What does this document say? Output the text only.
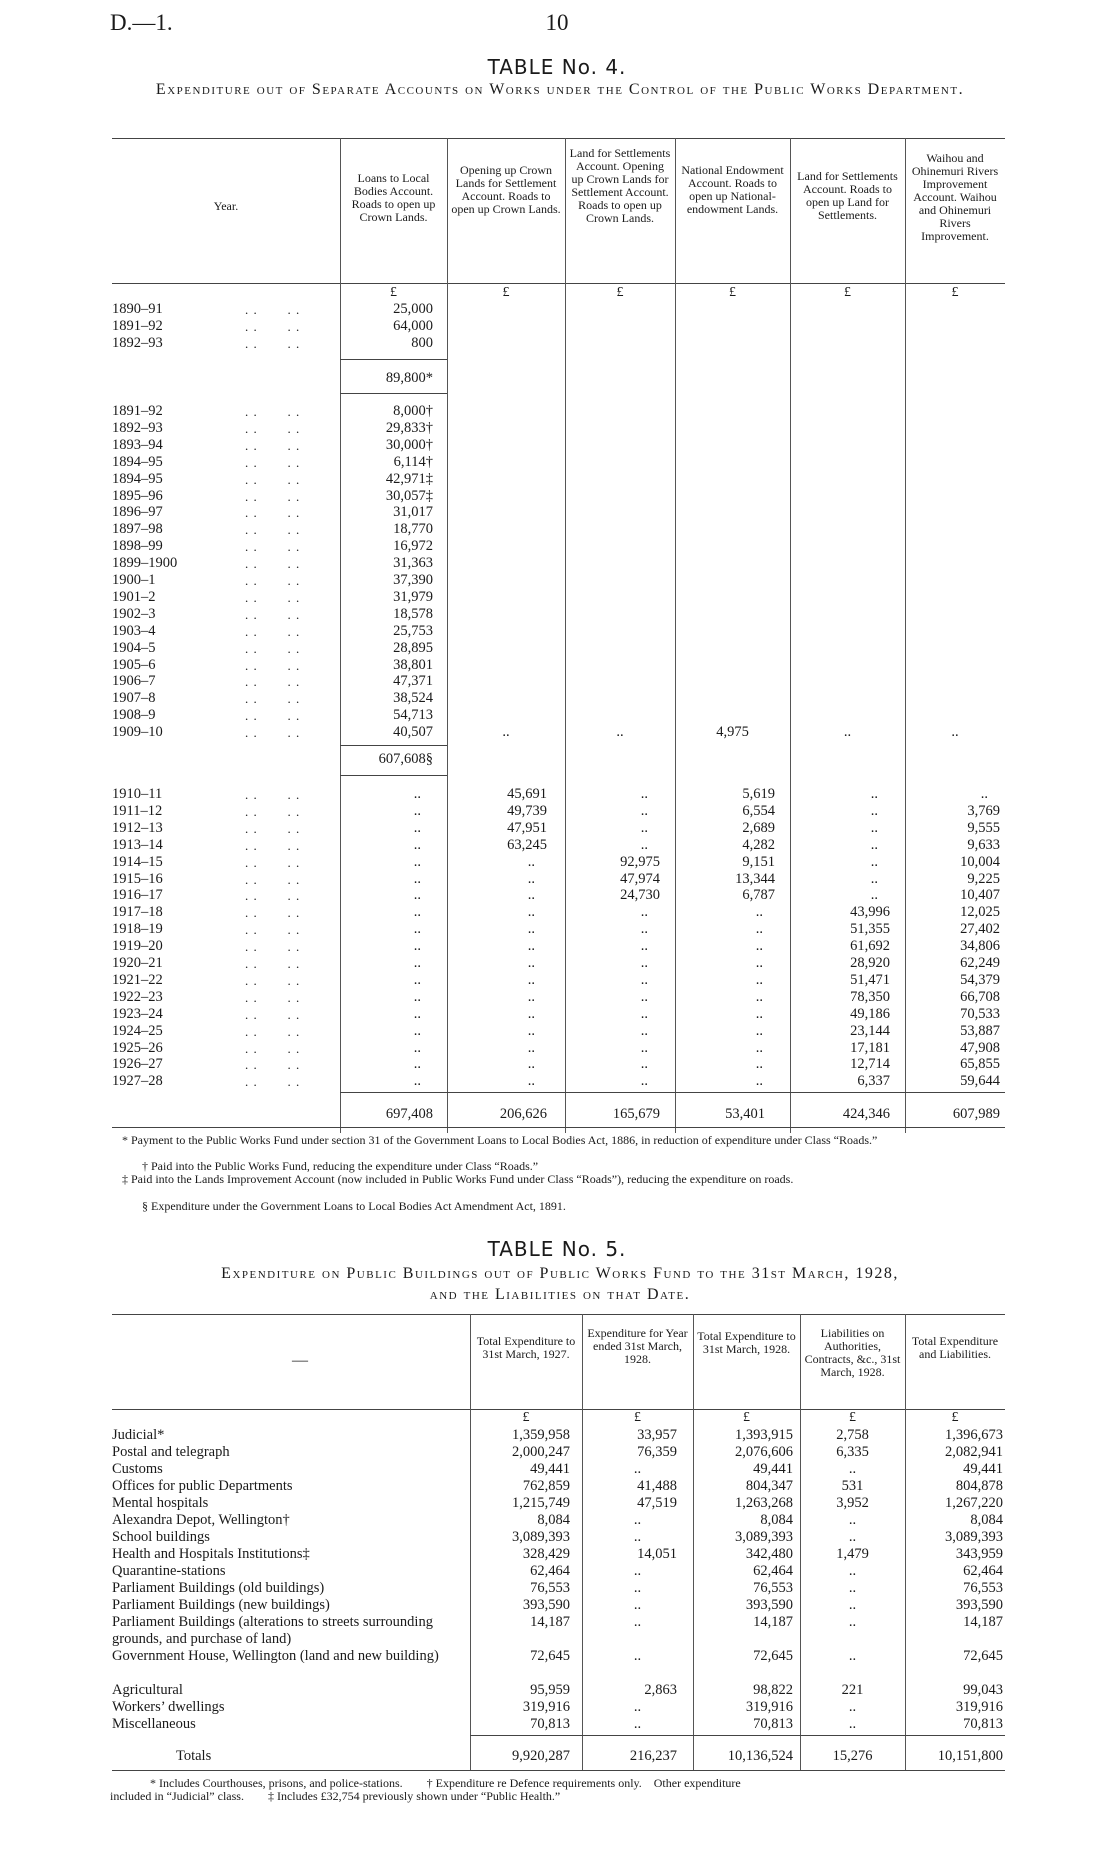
D.—1.	10
TABLE No. 4.
Expenditure out of Separate Accounts on Works under the Control of the Public Works Department.
Year.
Loans to Local Bodies Account. Roads to open up Crown Lands.
Opening up Crown Lands for Settlement Account. Roads to open up Crown Lands.
Land for Settlements Account. Opening up Crown Lands for Settlement Account. Roads to open up Crown Lands.
National Endowment Account. Roads to open up National-endowment Lands.
Land for Settlements Account. Roads to open up Land for Settlements.
Waihou and Ohinemuri Rivers Improvement Account. Waihou and Ohinemuri Rivers Improvement.
£	£	£	£	£	£
1890–91	. .       . .	25,000
1891–92	. .       . .	64,000
1892–93	. .       . .	800
89,800*
1891–92	. .       . .	8,000†
1892–93	. .       . .	29,833†
1893–94	. .       . .	30,000†
1894–95	. .       . .	6,114†
1894–95	. .       . .	42,971‡
1895–96	. .       . .	30,057‡
1896–97	. .       . .	31,017
1897–98	. .       . .	18,770
1898–99	. .       . .	16,972
1899–1900	. .       . .	31,363
1900–1	. .       . .	37,390
1901–2	. .       . .	31,979
1902–3	. .       . .	18,578
1903–4	. .       . .	25,753
1904–5	. .       . .	28,895
1905–6	. .       . .	38,801
1906–7	. .       . .	47,371
1907–8	. .       . .	38,524
1908–9	. .       . .	54,713
1909–10	. .       . .	40,507	..	..	4,975	..	..
607,608§
1910–11	. .       . .	..	45,691	..	5,619	..	..
1911–12	. .       . .	..	49,739	..	6,554	..	3,769
1912–13	. .       . .	..	47,951	..	2,689	..	9,555
1913–14	. .       . .	..	63,245	..	4,282	..	9,633
1914–15	. .       . .	..	..	92,975	9,151	..	10,004
1915–16	. .       . .	..	..	47,974	13,344	..	9,225
1916–17	. .       . .	..	..	24,730	6,787	..	10,407
1917–18	. .       . .	..	..	..	..	43,996	12,025
1918–19	. .       . .	..	..	..	..	51,355	27,402
1919–20	. .       . .	..	..	..	..	61,692	34,806
1920–21	. .       . .	..	..	..	..	28,920	62,249
1921–22	. .       . .	..	..	..	..	51,471	54,379
1922–23	. .       . .	..	..	..	..	78,350	66,708
1923–24	. .       . .	..	..	..	..	49,186	70,533
1924–25	. .       . .	..	..	..	..	23,144	53,887
1925–26	. .       . .	..	..	..	..	17,181	47,908
1926–27	. .       . .	..	..	..	..	12,714	65,855
1927–28	. .       . .	..	..	..	..	6,337	59,644
697,408	206,626	165,679	53,401	424,346	607,989
* Payment to the Public Works Fund under section 31 of the Government Loans to Local Bodies Act, 1886, in reduction of expenditure under Class “Roads.”
† Paid into the Public Works Fund, reducing the expenditure under Class “Roads.”
‡ Paid into the Lands Improvement Account (now included in Public Works Fund under Class “Roads”), reducing the expenditure on roads.
§ Expenditure under the Government Loans to Local Bodies Act Amendment Act, 1891.
TABLE No. 5.
Expenditure on Public Buildings out of Public Works Fund to the 31st March, 1928,
and the Liabilities on that Date.
—
Total Expenditure to 31st March, 1927.
Expenditure for Year ended 31st March, 1928.
Total Expenditure to 31st March, 1928.
Liabilities on Authorities, Contracts, &c., 31st March, 1928.
Total Expenditure and Liabilities.
£	£	£	£	£
Judicial*	1,359,958	33,957	1,393,915	2,758	1,396,673
Postal and telegraph	2,000,247	76,359	2,076,606	6,335	2,082,941
Customs	49,441	..	49,441	..	49,441
Offices for public Departments	762,859	41,488	804,347	531	804,878
Mental hospitals	1,215,749	47,519	1,263,268	3,952	1,267,220
Alexandra Depot, Wellington†	8,084	..	8,084	..	8,084
School buildings	3,089,393	..	3,089,393	..	3,089,393
Health and Hospitals Institutions‡	328,429	14,051	342,480	1,479	343,959
Quarantine-stations	62,464	..	62,464	..	62,464
Parliament Buildings (old buildings)	76,553	..	76,553	..	76,553
Parliament Buildings (new buildings)	393,590	..	393,590	..	393,590
Parliament Buildings (alterations to streets surrounding grounds, and purchase of land)
14,187	..	14,187	..	14,187
Government House, Wellington (land and new building)	72,645	..	72,645	..	72,645
Agricultural	95,959	2,863	98,822	221	99,043
Workers’ dwellings	319,916	..	319,916	..	319,916
Miscellaneous	70,813	..	70,813	..	70,813
Totals	9,920,287	216,237	10,136,524	15,276	10,151,800
* Includes Courthouses, prisons, and police-stations.        † Expenditure re Defence requirements only.    Other expenditure
included in “Judicial” class.        ‡ Includes £32,754 previously shown under “Public Health.”
